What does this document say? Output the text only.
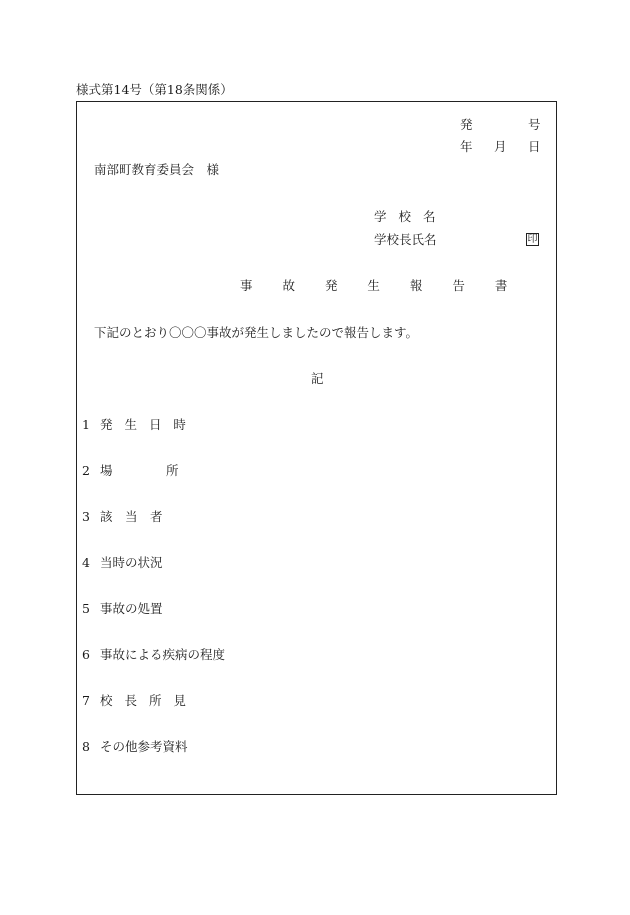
様式第14号（第18条関係）
発	号
年 月 日
南部町教育委員会　様
学 校 名
学校長氏名	印
事 故 発 生 報 告 書
下記のとおり〇〇〇事故が発生しましたので報告します。
記
1 発 生 日 時
2 場　　　所
3 該　当　者
4 当時の状況
5 事故の処置
6 事故による疾病の程度
7 校 長 所 見
8 その他参考資料
